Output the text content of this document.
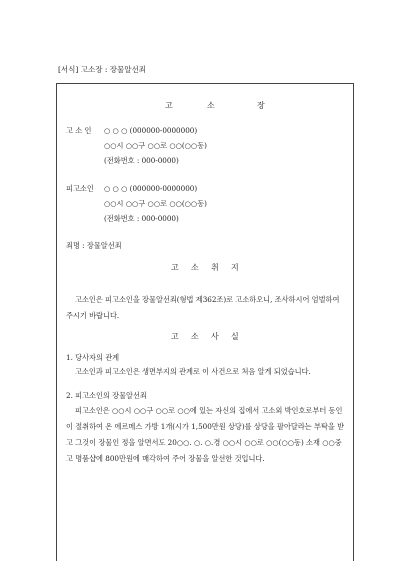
[서식] 고소장 : 장물알선죄
고	소	장
고 소 인 ○ ○ ○ (000000-0000000)
○○시 ○○구 ○○로 ○○(○○동)
(전화번호 : 000-0000)
피고소인 ○ ○ ○ (000000-0000000)
○○시 ○○구 ○○로 ○○(○○동)
(전화번호 : 000-0000)
죄명 : 장물알선죄
고 소 취 지
고소인은 피고소인을 장물알선죄(형법 제362조)로 고소하오니, 조사하시어 엄벌하여 주시기 바랍니다.
고 소 사 실
1. 당사자의 관계
고소인과 피고소인은 생면부지의 관계로 이 사건으로 처음 알게 되었습니다.
2. 피고소인의 장물알선죄
피고소인은 ○○시 ○○구 ○○로 ○○에 있는 자신의 집에서 고소외 박인호로부터 동인이 절취하여 온 에르메스 가방 1개(시가 1,500만원 상당)를 상당을 팔아달라는 부탁을 받고 그것이 장물인 정을 알면서도 20○○. ○. ○.경 ○○시 ○○로 ○○(○○동) 소재 ○○중고 명품샵에 800만원에 매각하여 주어 장물을 알선한 것입니다.
